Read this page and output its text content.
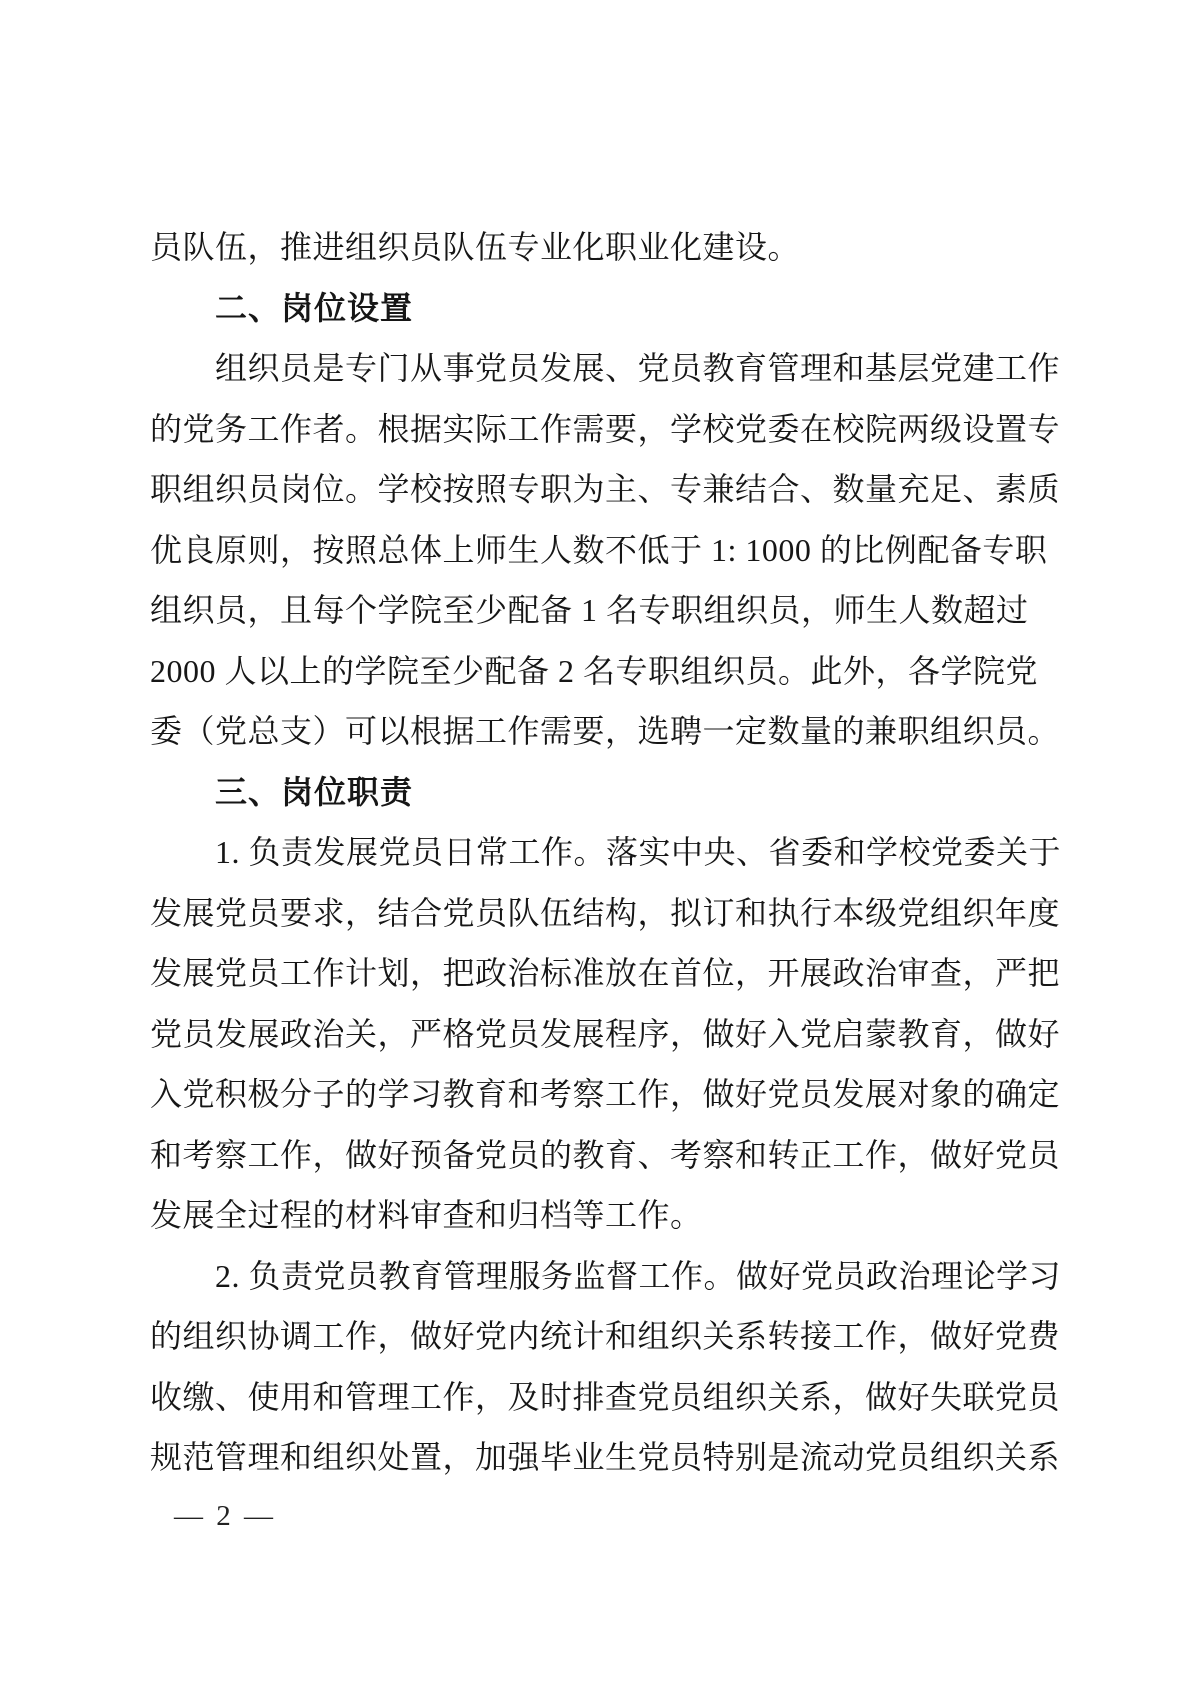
员队伍，推进组织员队伍专业化职业化建设。
二、岗位设置
组织员是专门从事党员发展、党员教育管理和基层党建工作
的党务工作者。根据实际工作需要，学校党委在校院两级设置专
职组织员岗位。学校按照专职为主、专兼结合、数量充足、素质
优良原则，按照总体上师生人数不低于 1: 1000 的比例配备专职
组织员，且每个学院至少配备 1 名专职组织员，师生人数超过
2000 人以上的学院至少配备 2 名专职组织员。此外，各学院党
委（党总支）可以根据工作需要，选聘一定数量的兼职组织员。
三、岗位职责
1. 负责发展党员日常工作。落实中央、省委和学校党委关于
发展党员要求，结合党员队伍结构，拟订和执行本级党组织年度
发展党员工作计划，把政治标准放在首位，开展政治审查，严把
党员发展政治关，严格党员发展程序，做好入党启蒙教育，做好
入党积极分子的学习教育和考察工作，做好党员发展对象的确定
和考察工作，做好预备党员的教育、考察和转正工作，做好党员
发展全过程的材料审查和归档等工作。
2. 负责党员教育管理服务监督工作。做好党员政治理论学习
的组织协调工作，做好党内统计和组织关系转接工作，做好党费
收缴、使用和管理工作，及时排查党员组织关系，做好失联党员
规范管理和组织处置，加强毕业生党员特别是流动党员组织关系
— 2 —
